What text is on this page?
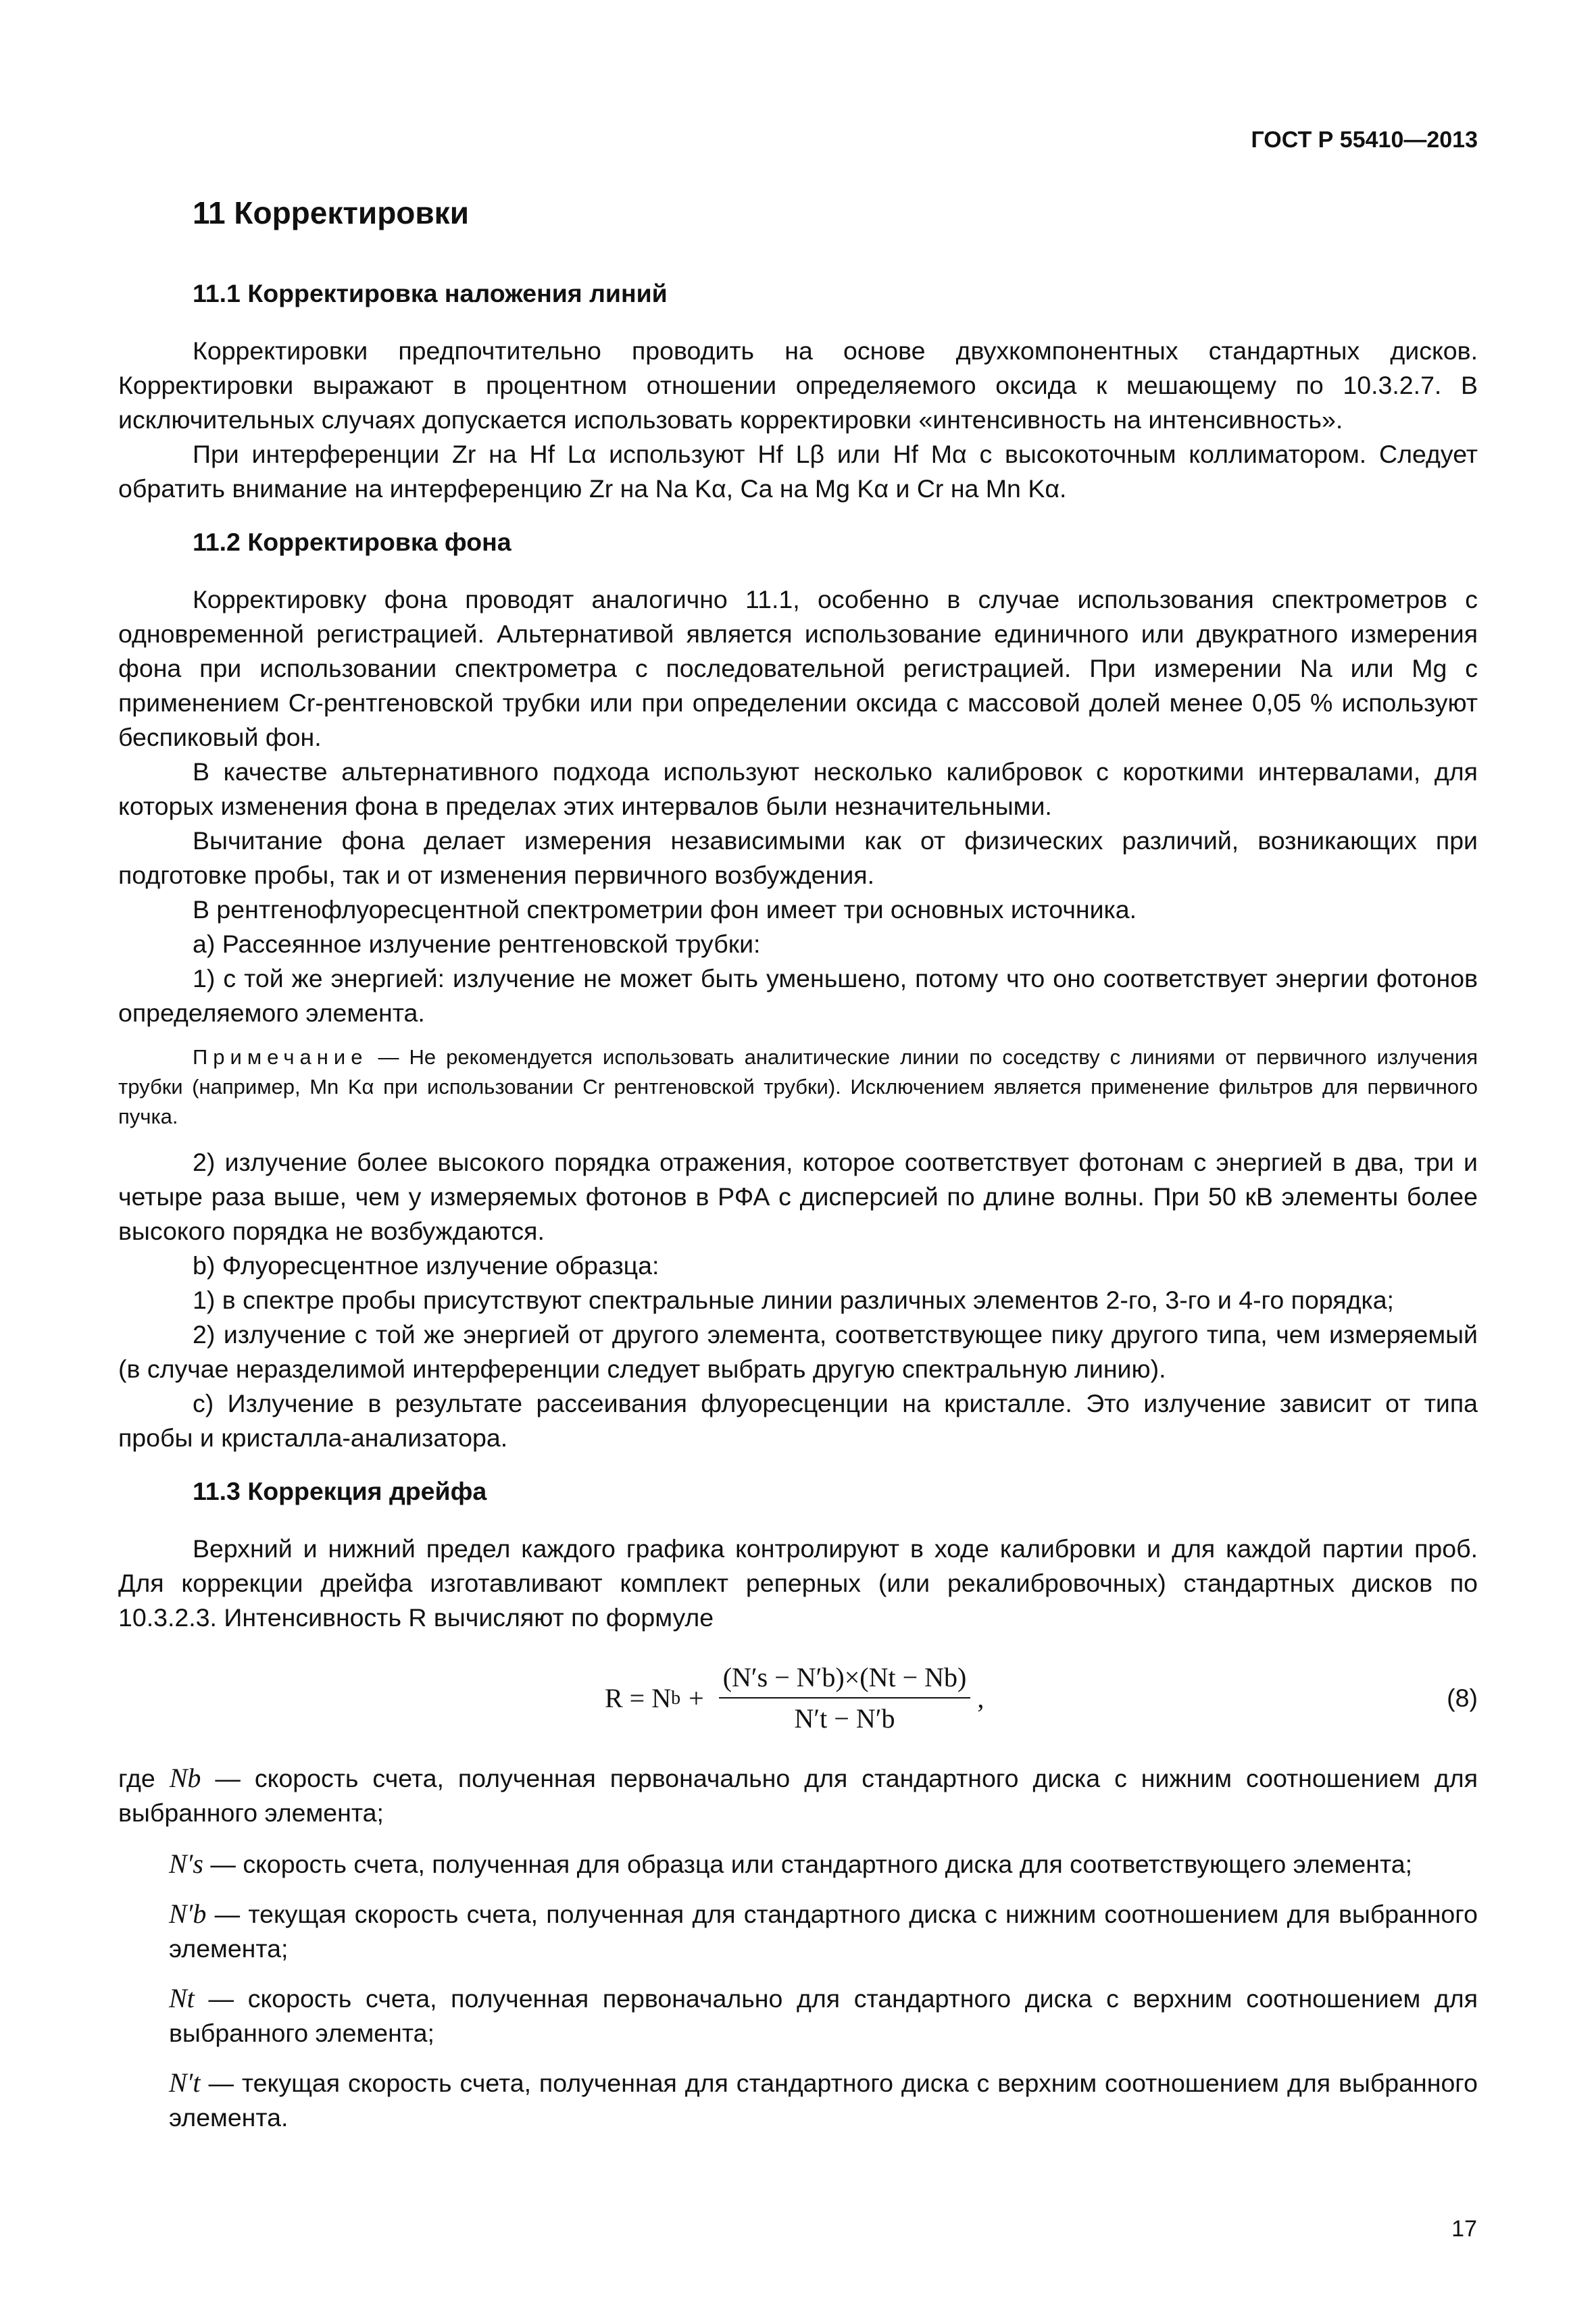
ГОСТ Р 55410—2013
11 Корректировки
11.1 Корректировка наложения линий

Корректировки предпочтительно проводить на основе двухкомпонентных стандартных дисков. Корректировки выражают в процентном отношении определяемого оксида к мешающему по 10.3.2.7. В исключительных случаях допускается использовать корректировки «интенсивность на интенсивность».

При интерференции Zr на Hf Lα используют Hf Lβ или Hf Mα с высокоточным коллиматором. Следует обратить внимание на интерференцию Zr на Na Kα, Ca на Mg Kα и Cr на Mn Kα.

11.2 Корректировка фона

Корректировку фона проводят аналогично 11.1, особенно в случае использования спектрометров с одновременной регистрацией. Альтернативой является использование единичного или двукратного измерения фона при использовании спектрометра с последовательной регистрацией. При измерении Na или Mg с применением Cr-рентгеновской трубки или при определении оксида с массовой долей менее 0,05 % используют беспиковый фон.

В качестве альтернативного подхода используют несколько калибровок с короткими интервалами, для которых изменения фона в пределах этих интервалов были незначительными.

Вычитание фона делает измерения независимыми как от физических различий, возникающих при подготовке пробы, так и от изменения первичного возбуждения.

В рентгенофлуоресцентной спектрометрии фон имеет три основных источника.

a) Рассеянное излучение рентгеновской трубки:

1) с той же энергией: излучение не может быть уменьшено, потому что оно соответствует энергии фотонов определяемого элемента.

Примечание — Не рекомендуется использовать аналитические линии по соседству с линиями от первичного излучения трубки (например, Mn Kα при использовании Cr рентгеновской трубки). Исключением является применение фильтров для первичного пучка.

2) излучение более высокого порядка отражения, которое соответствует фотонам с энергией в два, три и четыре раза выше, чем у измеряемых фотонов в РФА с дисперсией по длине волны. При 50 кВ элементы более высокого порядка не возбуждаются.

b) Флуоресцентное излучение образца:

1) в спектре пробы присутствуют спектральные линии различных элементов 2-го, 3-го и 4-го порядка;

2) излучение с той же энергией от другого элемента, соответствующее пику другого типа, чем измеряемый (в случае неразделимой интерференции следует выбрать другую спектральную линию).

c) Излучение в результате рассеивания флуоресценции на кристалле. Это излучение зависит от типа пробы и кристалла-анализатора.

11.3 Коррекция дрейфа

Верхний и нижний предел каждого графика контролируют в ходе калибровки и для каждой партии проб. Для коррекции дрейфа изготавливают комплект реперных (или рекалибровочных) стандартных дисков по 10.3.2.3. Интенсивность R вычисляют по формуле

R = N $b + \frac{(N's - N'b)\times(Nt - Nb)}{N't - N'b}$ ,	(8)
где Nb — скорость счета, полученная первоначально для стандартного диска с нижним соотношением для выбранного элемента;
N′s — скорость счета, полученная для образца или стандартного диска для соответствующего элемента;
N′b — текущая скорость счета, полученная для стандартного диска с нижним соотношением для выбранного элемента;
Nt — скорость счета, полученная первоначально для стандартного диска с верхним соотношением для выбранного элемента;
N′t — текущая скорость счета, полученная для стандартного диска с верхним соотношением для выбранного элемента.
17
